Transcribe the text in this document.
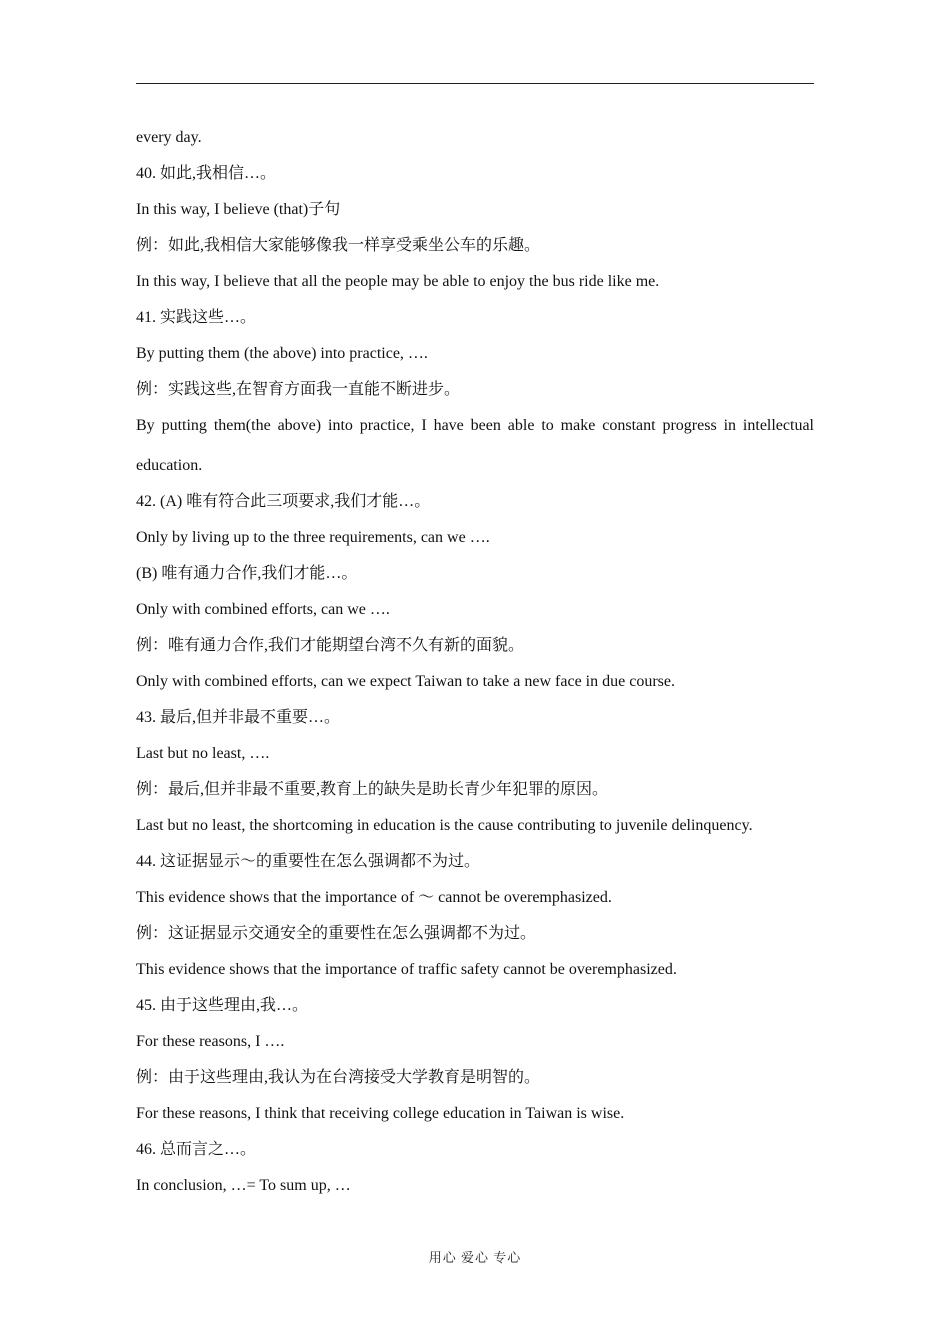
every day.
40. 如此,我相信…。
In this way, I believe (that)子句
例：如此,我相信大家能够像我一样享受乘坐公车的乐趣。
In this way, I believe that all the people may be able to enjoy the bus ride like me.
41. 实践这些…。
By putting them (the above) into practice, ….
例：实践这些,在智育方面我一直能不断进步。
By putting them(the above) into practice, I have been able to make constant progress in intellectual education.
42. (A) 唯有符合此三项要求,我们才能…。
Only by living up to the three requirements, can we ….
(B) 唯有通力合作,我们才能…。
Only with combined efforts, can we ….
例：唯有通力合作,我们才能期望台湾不久有新的面貌。
Only with combined efforts, can we expect Taiwan to take a new face in due course.
43. 最后,但并非最不重要…。
Last but no least, ….
例：最后,但并非最不重要,教育上的缺失是助长青少年犯罪的原因。
Last but no least, the shortcoming in education is the cause contributing to juvenile delinquency.
44. 这证据显示～的重要性在怎么强调都不为过。
This evidence shows that the importance of ～ cannot be overemphasized.
例：这证据显示交通安全的重要性在怎么强调都不为过。
This evidence shows that the importance of traffic safety cannot be overemphasized.
45. 由于这些理由,我…。
For these reasons, I ….
例：由于这些理由,我认为在台湾接受大学教育是明智的。
For these reasons, I think that receiving college education in Taiwan is wise.
46. 总而言之…。
In conclusion, …= To sum up, …
用心 爱心 专心
